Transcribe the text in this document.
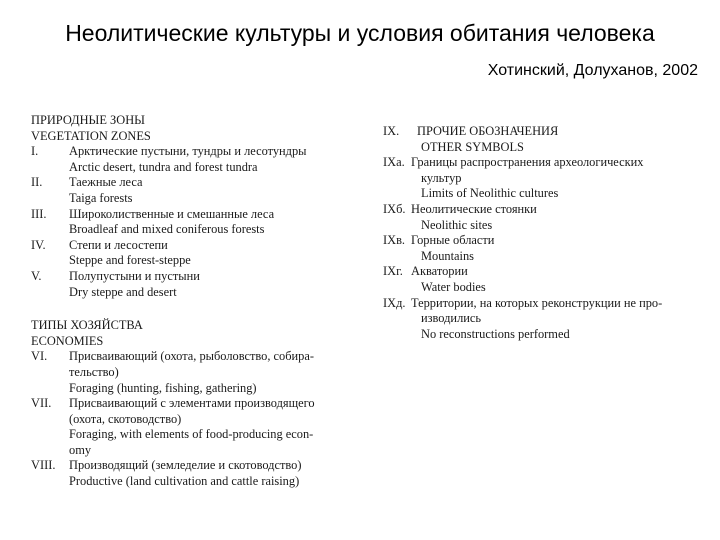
Неолитические культуры и условия обитания человека
Хотинский, Долуханов, 2002
ПРИРОДНЫЕ ЗОНЫ
VEGETATION ZONES
I.	Арктические пустыни, тундры и лесотундры
Arctic desert, tundra and forest tundra
II.	Таежные леса
Taiga forests
III.	Широколиственные и смешанные леса
Broadleaf and mixed coniferous forests
IV.	Степи и лесостепи
Steppe and forest-steppe
V.	Полупустыни и пустыни
Dry steppe and desert
ТИПЫ ХОЗЯЙСТВА
ECONOMIES
VI.	Присваивающий (охота, рыболовство, собира-
тельство)
Foraging (hunting, fishing, gathering)
VII.	Присваивающий с элементами производящего
(охота, скотоводство)
Foraging, with elements of food-producing econ-
omy
VIII.	Производящий (земледелие и скотоводство)
Productive (land cultivation and cattle raising)
IX.	ПРОЧИЕ ОБОЗНАЧЕНИЯ
OTHER SYMBOLS
IXa. Границы распространения археологических
культур
Limits of Neolithic cultures
IXб. Неолитические стоянки
Neolithic sites
IXв. Горные области
Mountains
IXг. Акватории
Water bodies
IXд. Территории, на которых реконструкции не про-
изводились
No reconstructions performed
